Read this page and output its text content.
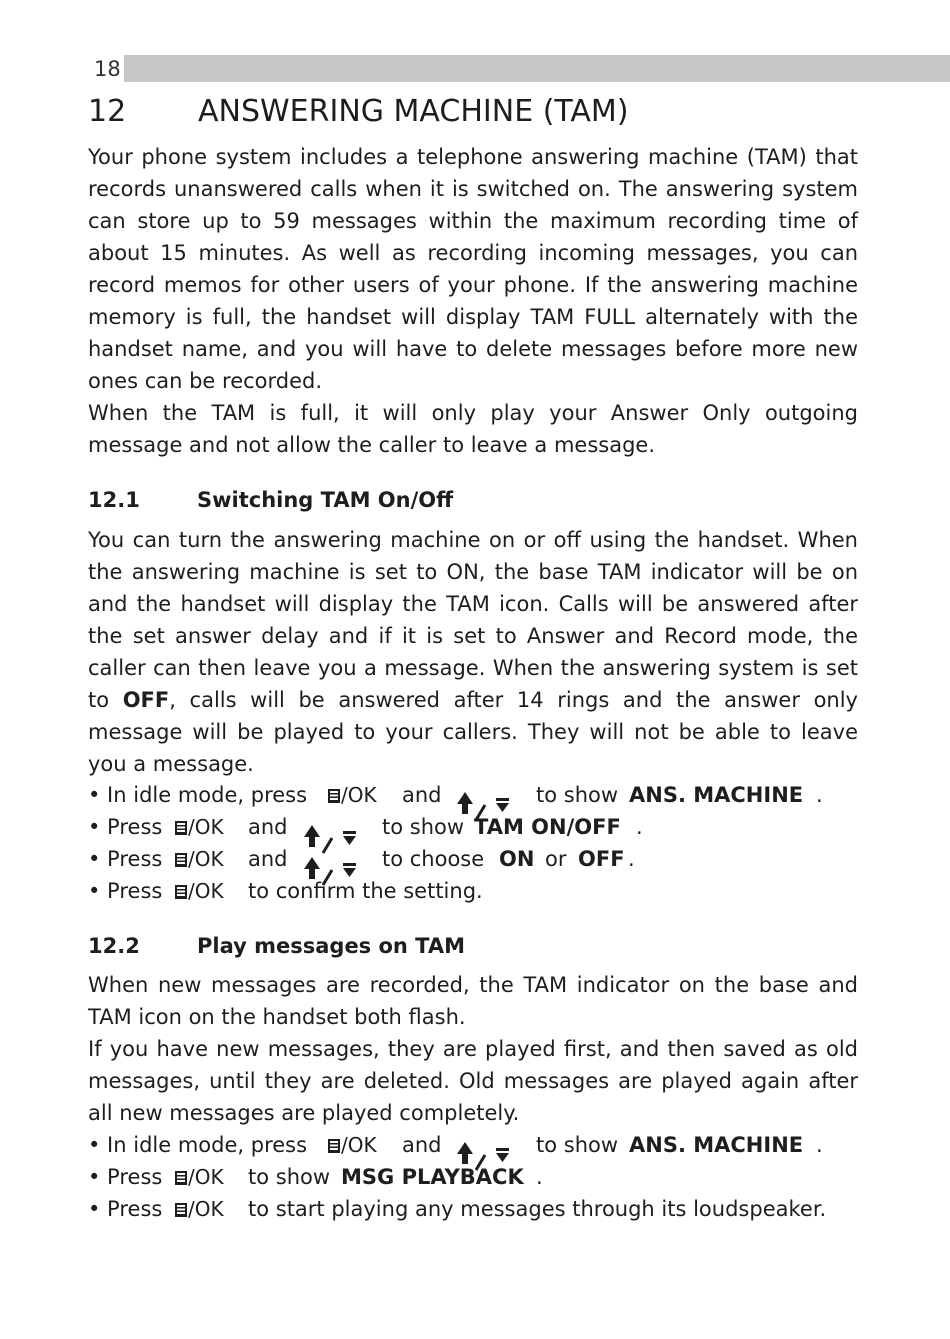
18
12 ANSWERING MACHINE (TAM)

Your phone system includes a telephone answering machine (TAM) that records unanswered calls when it is switched on. The answering system can store up to 59 messages within the maximum recording time of about 15 minutes. As well as recording incoming messages, you can record memos for other users of your phone. If the answering machine memory is full, the handset will display TAM FULL alternately with the handset name, and you will have to delete messages before more new ones can be recorded.

When the TAM is full, it will only play your Answer Only outgoing message and not allow the caller to leave a message.

12.1	Switching TAM On/Off

You can turn the answering machine on or off using the handset. When the answering machine is set to ON, the base TAM indicator will be on and the handset will display the TAM icon. Calls will be answered after the set answer delay and if it is set to Answer and Record mode, the caller can then leave you a message. When the answering system is set to OFF, calls will be answered after 14 rings and the answer only message will be played to your callers. They will not be able to leave you a message.

• In idle mode, press	/OK and	to show ANS. MACHINE .
• Press	/OK and	to show TAM ON/OFF .
• Press	/OK and	to choose ON or OFF .
• Press	/OK to confirm the setting.
12.2	Play messages on TAM

When new messages are recorded, the TAM indicator on the base and TAM icon on the handset both flash.

If you have new messages, they are played first, and then saved as old messages, until they are deleted. Old messages are played again after all new messages are played completely.

• In idle mode, press	/OK and	to show ANS. MACHINE .
• Press	/OK to show MSG PLAYBACK .
• Press	/OK to start playing any messages through its loudspeaker.
